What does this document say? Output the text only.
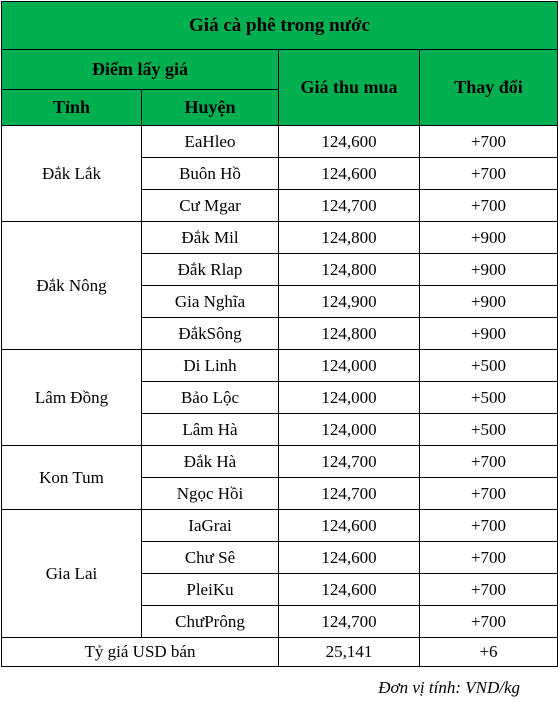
Giá cà phê trong nước			
Điểm lấy giá		Giá thu mua	Thay đổi
Tỉnh	Huyện		
Đắk Lắk	EaHleo	124,600	+700
	Buôn Hồ	124,600	+700
	Cư Mgar	124,700	+700
Đắk Nông	Đắk Mil	124,800	+900
	Đắk Rlap	124,800	+900
	Gia Nghĩa	124,900	+900
	ĐắkSông	124,800	+900
Lâm Đồng	Di Linh	124,000	+500
	Bảo Lộc	124,000	+500
	Lâm Hà	124,000	+500
Kon Tum	Đắk Hà	124,700	+700
	Ngọc Hồi	124,700	+700
Gia Lai	IaGrai	124,600	+700
	Chư Sê	124,600	+700
	PleiKu	124,600	+700
	ChưPrông	124,700	+700
Tỷ giá USD bán		25,141	+6
Đơn vị tính: VND/kg
